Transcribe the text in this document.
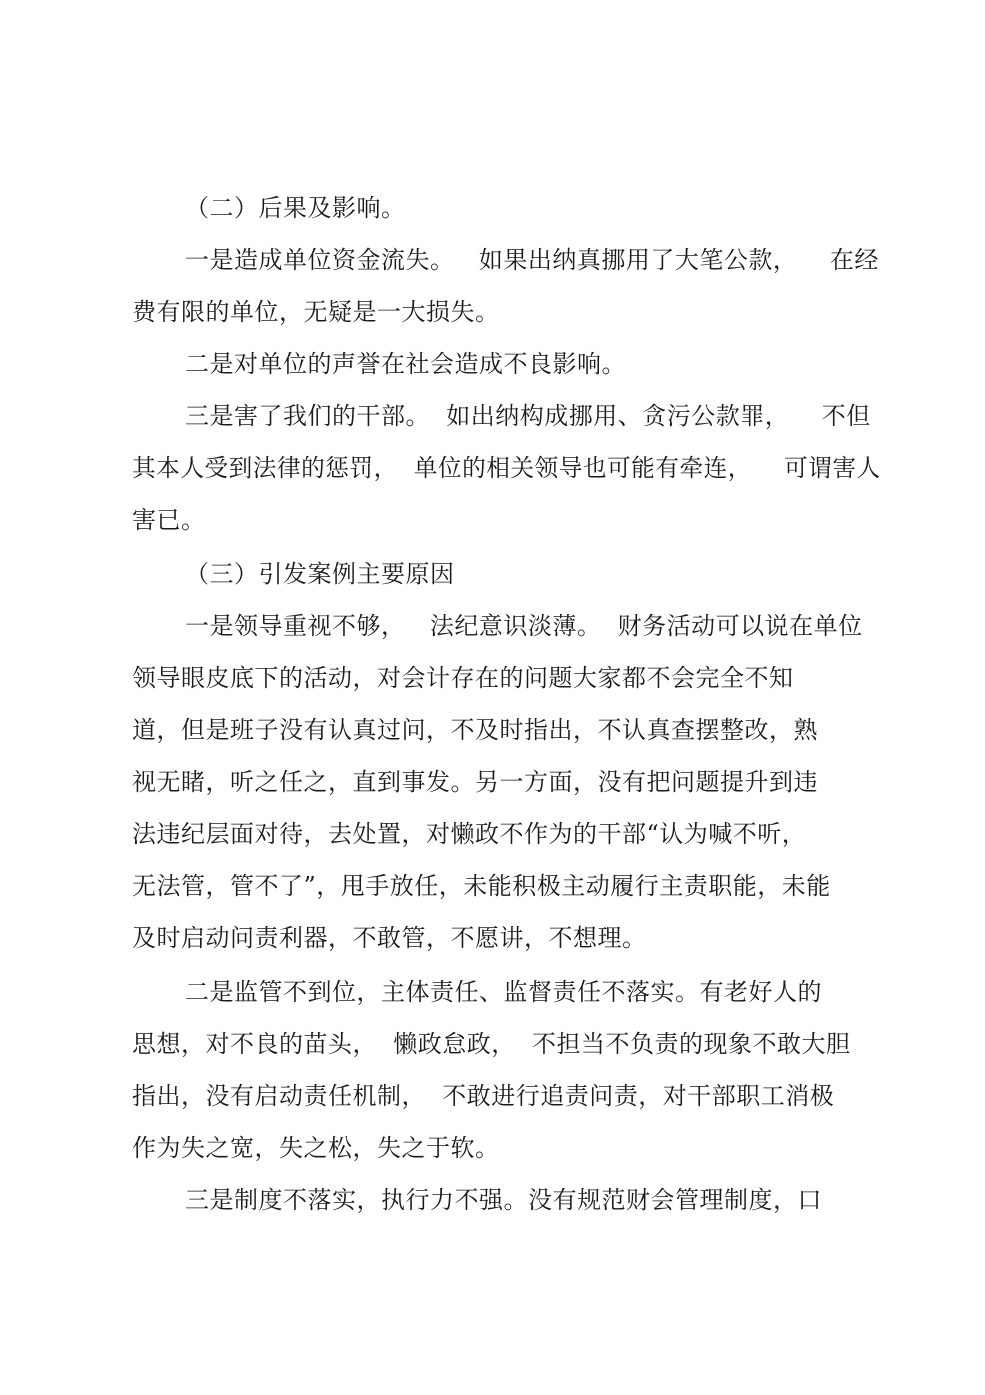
（二）后果及影响。
一是造成单位资金流失。   如果出纳真挪用了大笔公款，    在经
费有限的单位，无疑是一大损失。
二是对单位的声誉在社会造成不良影响。
三是害了我们的干部。  如出纳构成挪用、贪污公款罪，    不但
其本人受到法律的惩罚，  单位的相关领导也可能有牵连，    可谓害人
害已。
（三）引发案例主要原因
一是领导重视不够，   法纪意识淡薄。  财务活动可以说在单位
领导眼皮底下的活动，对会计存在的问题大家都不会完全不知
道，但是班子没有认真过问，不及时指出，不认真查摆整改，熟
视无睹，听之任之，直到事发。另一方面，没有把问题提升到违
法违纪层面对待，去处置，对懒政不作为的干部“认为喊不听，
无法管，管不了”，甩手放任，未能积极主动履行主责职能，未能
及时启动问责利器，不敢管，不愿讲，不想理。
二是监管不到位，主体责任、监督责任不落实。有老好人的
思想，对不良的苗头，  懒政怠政，  不担当不负责的现象不敢大胆
指出，没有启动责任机制，  不敢进行追责问责，对干部职工消极
作为失之宽，失之松，失之于软。
三是制度不落实，执行力不强。没有规范财会管理制度，口
